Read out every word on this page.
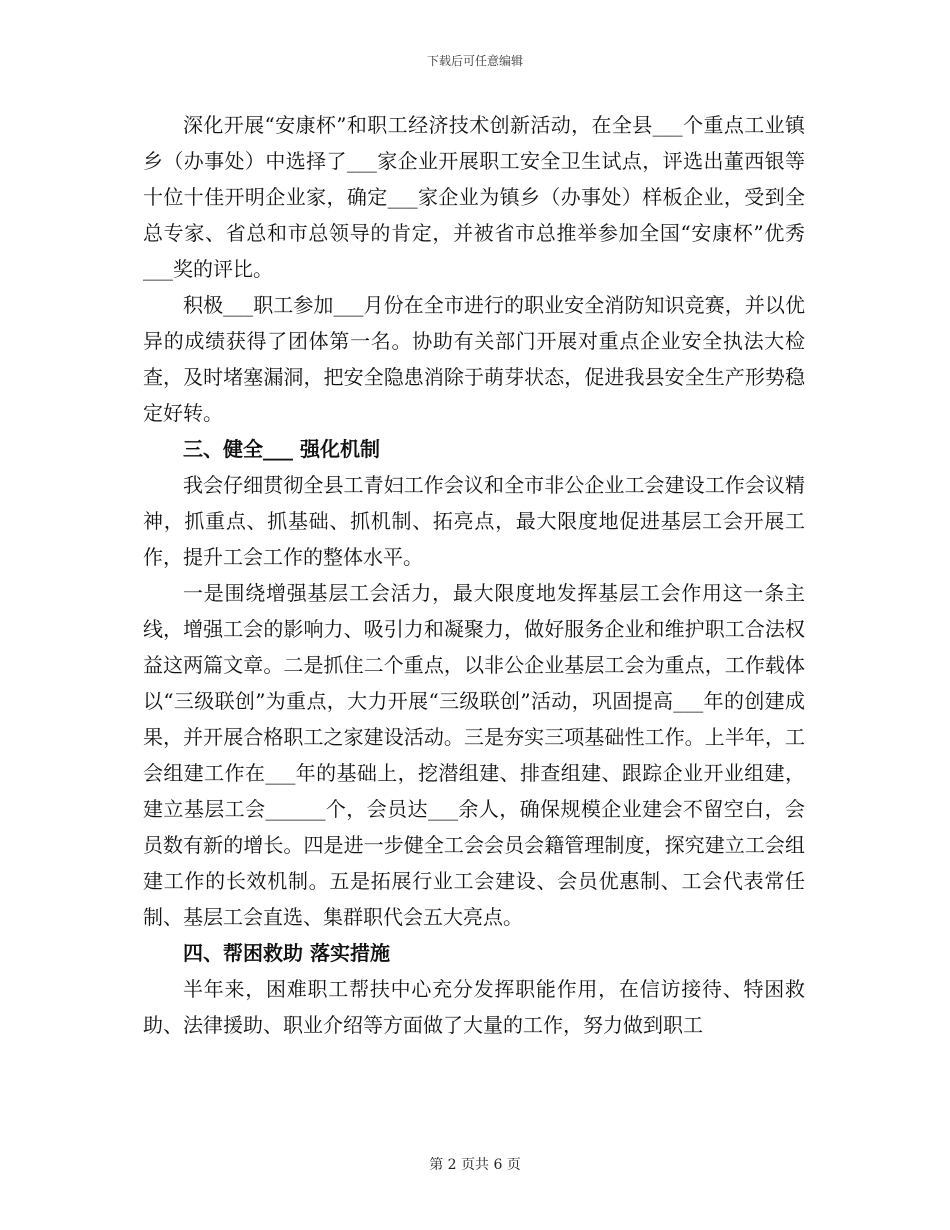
下载后可任意编辑

深化开展“安康杯”和职工经济技术创新活动，在全县___个重点工业镇乡（办事处）中选择了___家企业开展职工安全卫生试点，评选出董西银等十位十佳开明企业家，确定___家企业为镇乡（办事处）样板企业，受到全总专家、省总和市总领导的肯定，并被省市总推举参加全国“安康杯”优秀___奖的评比。

积极___职工参加___月份在全市进行的职业安全消防知识竞赛，并以优异的成绩获得了团体第一名。协助有关部门开展对重点企业安全执法大检查，及时堵塞漏洞，把安全隐患消除于萌芽状态，促进我县安全生产形势稳定好转。

三、健全___ 强化机制

我会仔细贯彻全县工青妇工作会议和全市非公企业工会建设工作会议精神，抓重点、抓基础、抓机制、拓亮点，最大限度地促进基层工会开展工作，提升工会工作的整体水平。

一是围绕增强基层工会活力，最大限度地发挥基层工会作用这一条主线，增强工会的影响力、吸引力和凝聚力，做好服务企业和维护职工合法权益这两篇文章。二是抓住二个重点，以非公企业基层工会为重点，工作载体以“三级联创”为重点，大力开展“三级联创”活动，巩固提高___年的创建成果，并开展合格职工之家建设活动。三是夯实三项基础性工作。上半年，工会组建工作在___年的基础上，挖潜组建、排查组建、跟踪企业开业组建，建立基层工会______个，会员达___余人，确保规模企业建会不留空白，会员数有新的增长。四是进一步健全工会会员会籍管理制度，探究建立工会组建工作的长效机制。五是拓展行业工会建设、会员优惠制、工会代表常任制、基层工会直选、集群职代会五大亮点。

四、帮困救助 落实措施

半年来，困难职工帮扶中心充分发挥职能作用，在信访接待、特困救助、法律援助、职业介绍等方面做了大量的工作，努力做到职工

第 2 页共 6 页
